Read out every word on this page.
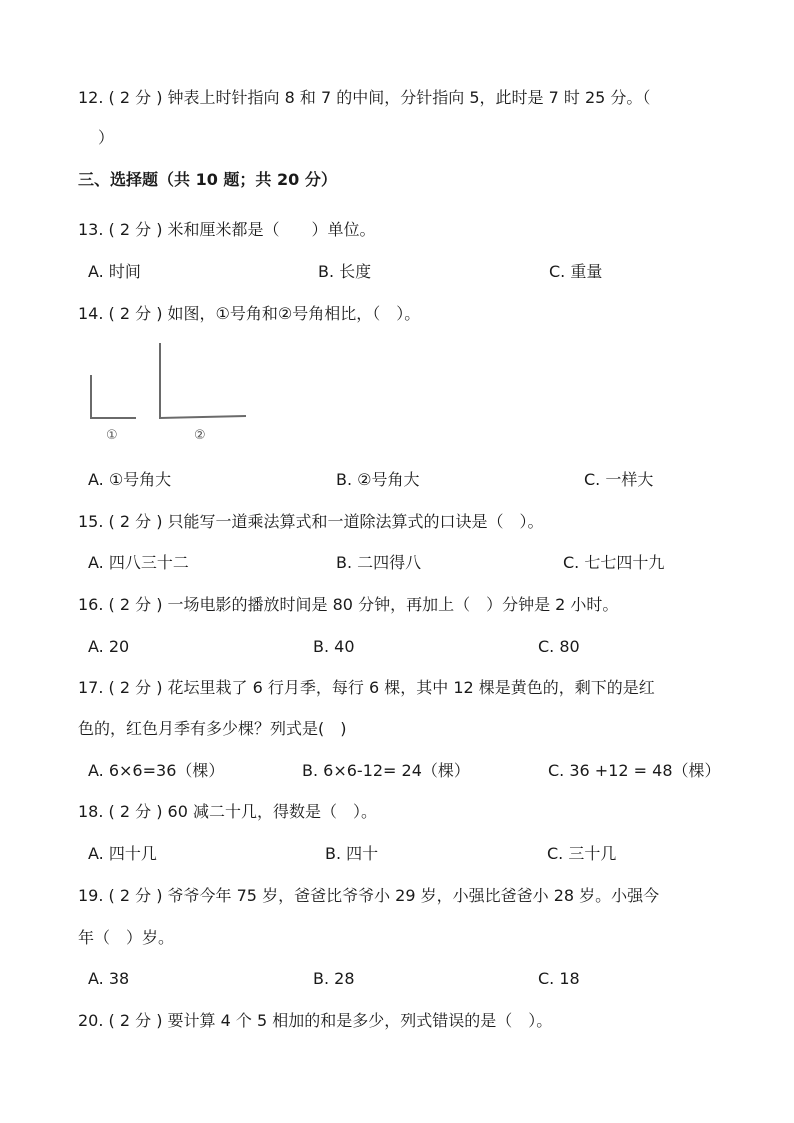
12. ( 2 分 ) 钟表上时针指向 8 和 7 的中间，分针指向 5，此时是 7 时 25 分。（
）
三、选择题（共 10 题；共 20 分）
13. ( 2 分 ) 米和厘米都是（　　）单位。
A. 时间	B. 长度	C. 重量
14. ( 2 分 ) 如图，①号角和②号角相比，（　）。
①	②
A. ①号角大	B. ②号角大	C. 一样大
15. ( 2 分 ) 只能写一道乘法算式和一道除法算式的口诀是（　）。
A. 四八三十二	B. 二四得八	C. 七七四十九
16. ( 2 分 ) 一场电影的播放时间是 80 分钟，再加上（　）分钟是 2 小时。
A. 20	B. 40	C. 80
17. ( 2 分 ) 花坛里栽了 6 行月季，每行 6 棵，其中 12 棵是黄色的，剩下的是红
色的，红色月季有多少棵？列式是(　)
A. 6×6=36（棵）	B. 6×6-12= 24（棵）	C. 36 +12 = 48（棵）
18. ( 2 分 ) 60 减二十几，得数是（　）。
A. 四十几	B. 四十	C. 三十几
19. ( 2 分 ) 爷爷今年 75 岁，爸爸比爷爷小 29 岁，小强比爸爸小 28 岁。小强今
年（　）岁。
A. 38	B. 28	C. 18
20. ( 2 分 ) 要计算 4 个 5 相加的和是多少，列式错误的是（　）。
